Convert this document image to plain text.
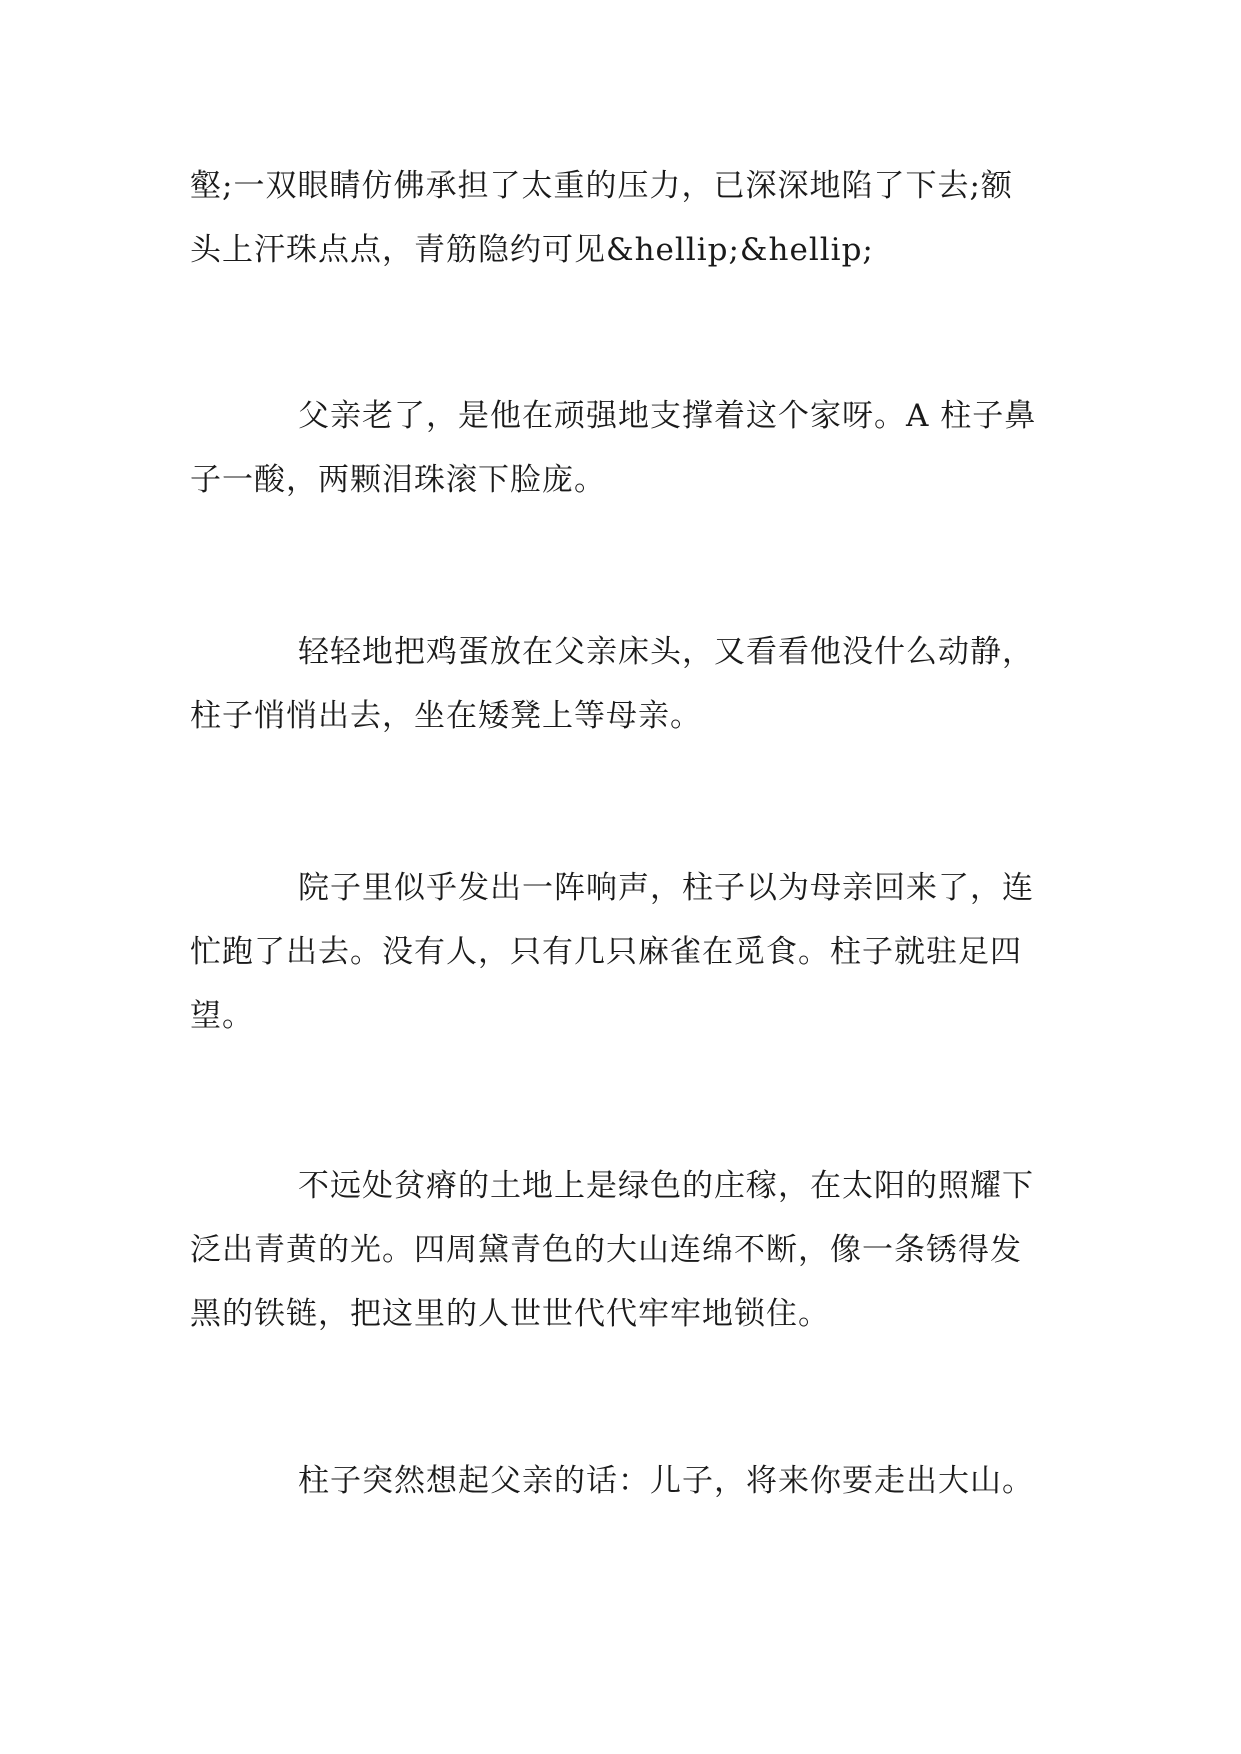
壑;一双眼睛仿佛承担了太重的压力，已深深地陷了下去;额
头上汗珠点点，青筋隐约可见&hellip;&hellip;
父亲老了，是他在顽强地支撑着这个家呀。A 柱子鼻
子一酸，两颗泪珠滚下脸庞。
轻轻地把鸡蛋放在父亲床头，又看看他没什么动静，
柱子悄悄出去，坐在矮凳上等母亲。
院子里似乎发出一阵响声，柱子以为母亲回来了，连
忙跑了出去。没有人，只有几只麻雀在觅食。柱子就驻足四
望。
不远处贫瘠的土地上是绿色的庄稼，在太阳的照耀下
泛出青黄的光。四周黛青色的大山连绵不断，像一条锈得发
黑的铁链，把这里的人世世代代牢牢地锁住。
柱子突然想起父亲的话：儿子，将来你要走出大山。
